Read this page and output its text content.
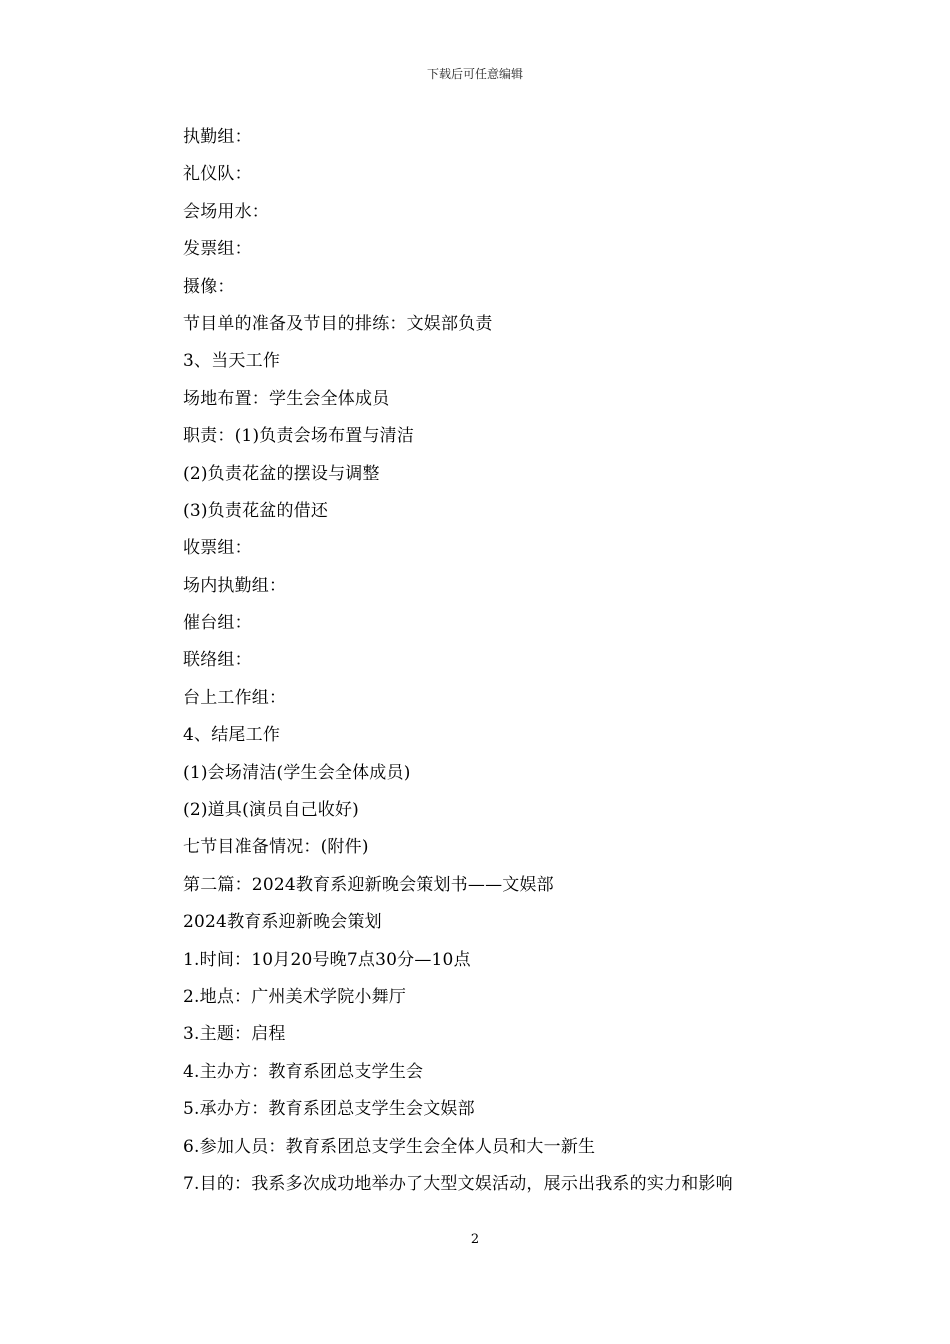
下载后可任意编辑
执勤组：
礼仪队：
会场用水：
发票组：
摄像：
节目单的准备及节目的排练：文娱部负责
3、当天工作
场地布置：学生会全体成员
职责：(1)负责会场布置与清洁
(2)负责花盆的摆设与调整
(3)负责花盆的借还
收票组：
场内执勤组：
催台组：
联络组：
台上工作组：
4、结尾工作
(1)会场清洁(学生会全体成员)
(2)道具(演员自己收好)
七节目准备情况：(附件)
第二篇：2024教育系迎新晚会策划书——文娱部
2024教育系迎新晚会策划
1.时间：10月20号晚7点30分—10点
2.地点：广州美术学院小舞厅
3.主题：启程
4.主办方：教育系团总支学生会
5.承办方：教育系团总支学生会文娱部
6.参加人员：教育系团总支学生会全体人员和大一新生
7.目的：我系多次成功地举办了大型文娱活动，展示出我系的实力和影响
2
